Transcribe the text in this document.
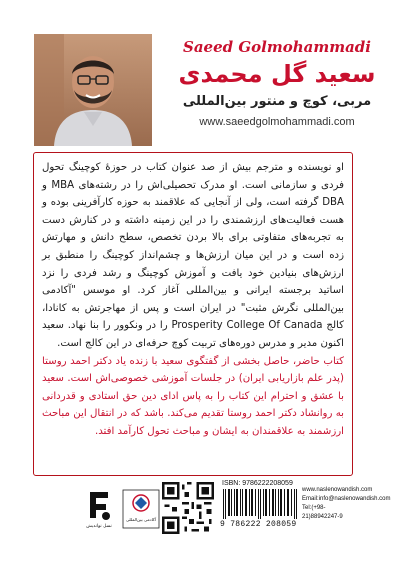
Saeed Golmohammadi
سعید گل محمدی
مربی، کوچ و منتور بین‌المللی
www.saeedgolmohammadi.com

او نویسنده و مترجم بیش از صد عنوان کتاب در حوزهٔ کوچینگ تحول فردی و سازمانی است. او مدرک تحصیلی‌اش را در رشته‌های MBA و DBA گرفته است، ولی از آنجایی که علاقمند به حوزه کارآفرینی بوده و هست فعالیت‌های ارزشمندی را در این زمینه داشته و در کنارش دست به تجربه‌های متفاوتی برای بالا بردن تخصص، سطح دانش و مهارتش زده است و در این میان ارزش‌ها و چشم‌انداز کوچینگ را منطبق بر ارزش‌های بنیادین خود یافت و آموزش کوچینگ و رشد فردی را نزد اساتید برجسته ایرانی و بین‌المللی آغاز کرد. او موسس "آکادمی بین‌المللی نگرش مثبت" در ایران است و پس از مهاجرتش به کانادا، کالج Prosperity College Of Canada را در ونکوور را بنا نهاد. سعید اکنون مدیر و مدرس دوره‌های تربیت کوچ حرفه‌ای در این کالج است.

کتاب حاضر، حاصل بخشی از گفتگوی سعید با زنده یاد دکتر احمد روستا (پدر علم بازاریابی ایران) در جلسات آموزشی خصوصی‌اش است. سعید با عشق و احترام این کتاب را به پاس ادای دین حق استادی و قدردانی به روانشاد دکتر احمد روستا تقدیم می‌کند. باشد که در انتقال این مباحث ارزشمند به علاقمندان به ایشان و مباحث تحول کارآمد افتد.

نسل نواندیش
آکادمی بین‌المللی
ISBN: 9786222208059
9 786222 208059
www.naslenowandish.com
Email:info@naslenowandish.com
Tel:(+98-21)88942247-9
